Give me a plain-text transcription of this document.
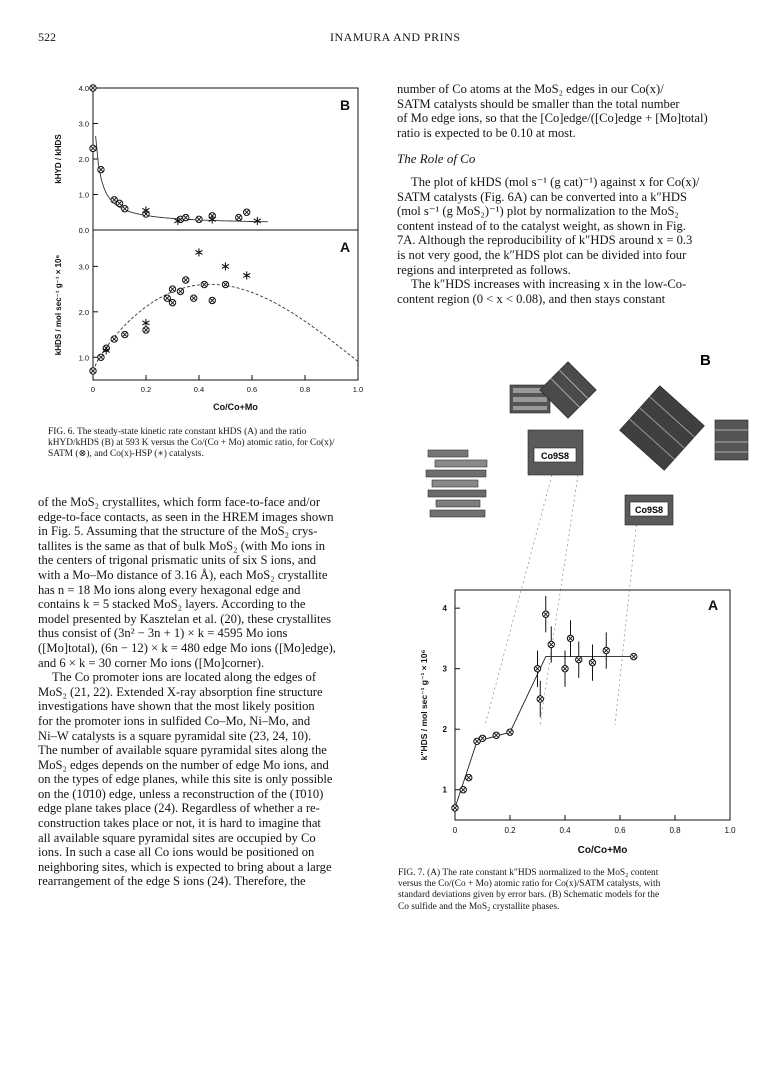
522	INAMURA AND PRINS
0.0
1.0
2.0
3.0
4.0
B
kHYD / kHDS
∗
∗ ∗	∗
1.0
2.0
3.0
A
kHDS / mol sec⁻¹ g⁻¹ × 10⁶	∗
∗
∗
∗
∗
0	0.2	0.4	0.6	0.8	1.0
Co/Co+Mo
FIG. 6. The steady-state kinetic rate constant kHDS (A) and the ratio
kHYD/kHDS (B) at 593 K versus the Co/(Co + Mo) atomic ratio, for Co(x)/
SATM (⊗), and Co(x)-HSP (∗) catalysts.

number of Co atoms at the MoS₂ edges in our Co(x)/

SATM catalysts should be smaller than the total number

of Mo edge ions, so that the [Co]edge/([Co]edge + [Mo]total)

ratio is expected to be 0.10 at most.

The Role of Co

The plot of kHDS (mol s⁻¹ (g cat)⁻¹) against x for Co(x)/

SATM catalysts (Fig. 6A) can be converted into a k″HDS

(mol s⁻¹ (g MoS₂)⁻¹) plot by normalization to the MoS₂

content instead of to the catalyst weight, as shown in Fig.

7A. Although the reproducibility of k″HDS around x = 0.3

is not very good, the k″HDS plot can be divided into four

regions and interpreted as follows.

The k″HDS increases with increasing x in the low-Co-

content region (0 < x < 0.08), and then stays constant

of the MoS₂ crystallites, which form face-to-face and/or

edge-to-face contacts, as seen in the HREM images shown

in Fig. 5. Assuming that the structure of the MoS₂ crys-

tallites is the same as that of bulk MoS₂ (with Mo ions in

the centers of trigonal prismatic units of six S ions, and

with a Mo–Mo distance of 3.16 Å), each MoS₂ crystallite

has n = 18 Mo ions along every hexagonal edge and

contains k = 5 stacked MoS₂ layers. According to the

model presented by Kasztelan et al. (20), these crystallites

thus consist of (3n² − 3n + 1) × k = 4595 Mo ions

([Mo]total), (6n − 12) × k = 480 edge Mo ions ([Mo]edge),

and 6 × k = 30 corner Mo ions ([Mo]corner).

The Co promoter ions are located along the edges of

MoS₂ (21, 22). Extended X-ray absorption fine structure

investigations have shown that the most likely position

for the promoter ions in sulfided Co–Mo, Ni–Mo, and

Ni–W catalysts is a square pyramidal site (23, 24, 10).

The number of available square pyramidal sites along the

MoS₂ edges depends on the number of edge Mo ions, and

on the types of edge planes, while this site is only possible

on the (10̄10) edge, unless a reconstruction of the (1̄010)

edge plane takes place (24). Regardless of whether a re-

construction takes place or not, it is hard to imagine that

all available square pyramidal sites are occupied by Co

ions. In such a case all Co ions would be positioned on

neighboring sites, which is expected to bring about a large

rearrangement of the edge S ions (24). Therefore, the

B
Co9S8
Co9S8
A
1
2
3
4
0	0.2	0.4	0.6	0.8	1.0
Co/Co+Mo
k″HDS / mol sec⁻¹ g⁻¹ × 10⁶
FIG. 7. (A) The rate constant k″HDS normalized to the MoS₂ content
versus the Co/(Co + Mo) atomic ratio for Co(x)/SATM catalysts, with
standard deviations given by error bars. (B) Schematic models for the
Co sulfide and the MoS₂ crystallite phases.
